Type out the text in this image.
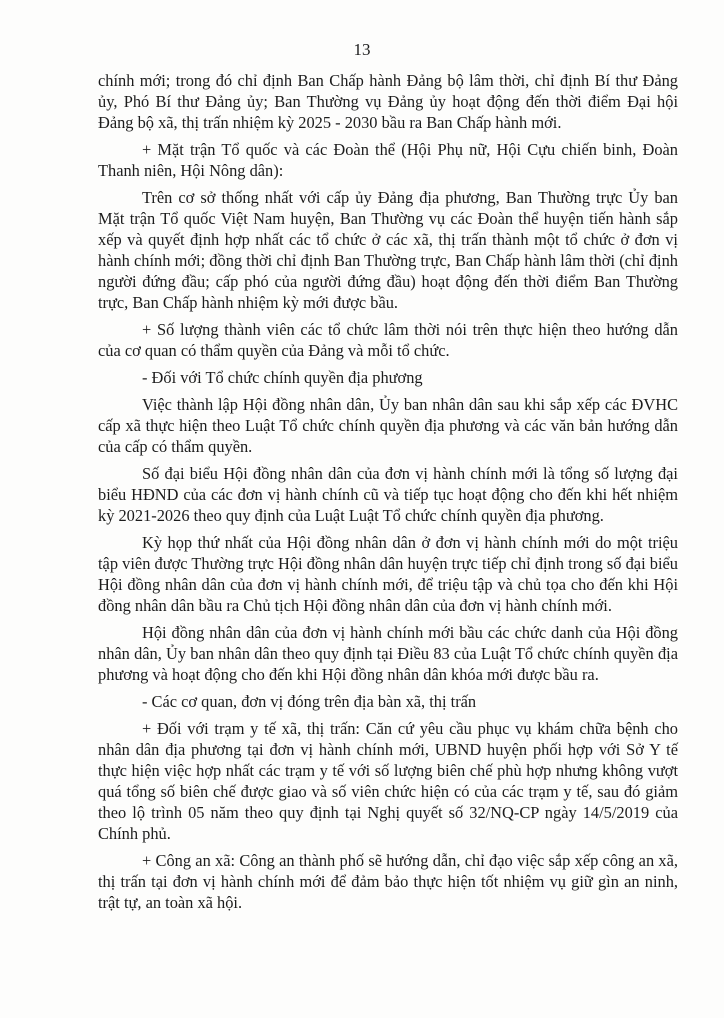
13

chính mới; trong đó chỉ định Ban Chấp hành Đảng bộ lâm thời, chỉ định Bí thư Đảng ủy, Phó Bí thư Đảng ủy; Ban Thường vụ Đảng ủy hoạt động đến thời điểm Đại hội Đảng bộ xã, thị trấn nhiệm kỳ 2025 - 2030 bầu ra Ban Chấp hành mới.

+ Mặt trận Tổ quốc và các Đoàn thể (Hội Phụ nữ, Hội Cựu chiến binh, Đoàn Thanh niên, Hội Nông dân):

Trên cơ sở thống nhất với cấp ủy Đảng địa phương, Ban Thường trực Ủy ban Mặt trận Tổ quốc Việt Nam huyện, Ban Thường vụ các Đoàn thể huyện tiến hành sắp xếp và quyết định hợp nhất các tổ chức ở các xã, thị trấn thành một tổ chức ở đơn vị hành chính mới; đồng thời chỉ định Ban Thường trực, Ban Chấp hành lâm thời (chỉ định người đứng đầu; cấp phó của người đứng đầu) hoạt động đến thời điểm Ban Thường trực, Ban Chấp hành nhiệm kỳ mới được bầu.

+ Số lượng thành viên các tổ chức lâm thời nói trên thực hiện theo hướng dẫn của cơ quan có thẩm quyền của Đảng và mỗi tổ chức.

- Đối với Tổ chức chính quyền địa phương

Việc thành lập Hội đồng nhân dân, Ủy ban nhân dân sau khi sắp xếp các ĐVHC cấp xã thực hiện theo Luật Tổ chức chính quyền địa phương và các văn bản hướng dẫn của cấp có thẩm quyền.

Số đại biểu Hội đồng nhân dân của đơn vị hành chính mới là tổng số lượng đại biểu HĐND của các đơn vị hành chính cũ và tiếp tục hoạt động cho đến khi hết nhiệm kỳ 2021-2026 theo quy định của Luật Luật Tổ chức chính quyền địa phương.

Kỳ họp thứ nhất của Hội đồng nhân dân ở đơn vị hành chính mới do một triệu tập viên được Thường trực Hội đồng nhân dân huyện trực tiếp chỉ định trong số đại biểu Hội đồng nhân dân của đơn vị hành chính mới, để triệu tập và chủ tọa cho đến khi Hội đồng nhân dân bầu ra Chủ tịch Hội đồng nhân dân của đơn vị hành chính mới.

Hội đồng nhân dân của đơn vị hành chính mới bầu các chức danh của Hội đồng nhân dân, Ủy ban nhân dân theo quy định tại Điều 83 của Luật Tổ chức chính quyền địa phương và hoạt động cho đến khi Hội đồng nhân dân khóa mới được bầu ra.

- Các cơ quan, đơn vị đóng trên địa bàn xã, thị trấn

+ Đối với trạm y tế xã, thị trấn: Căn cứ yêu cầu phục vụ khám chữa bệnh cho nhân dân địa phương tại đơn vị hành chính mới, UBND huyện phối hợp với Sở Y tế thực hiện việc hợp nhất các trạm y tế với số lượng biên chế phù hợp nhưng không vượt quá tổng số biên chế được giao và số viên chức hiện có của các trạm y tế, sau đó giảm theo lộ trình 05 năm theo quy định tại Nghị quyết số 32/NQ-CP ngày 14/5/2019 của Chính phủ.

+ Công an xã: Công an thành phố sẽ hướng dẫn, chỉ đạo việc sắp xếp công an xã, thị trấn tại đơn vị hành chính mới để đảm bảo thực hiện tốt nhiệm vụ giữ gìn an ninh, trật tự, an toàn xã hội.
